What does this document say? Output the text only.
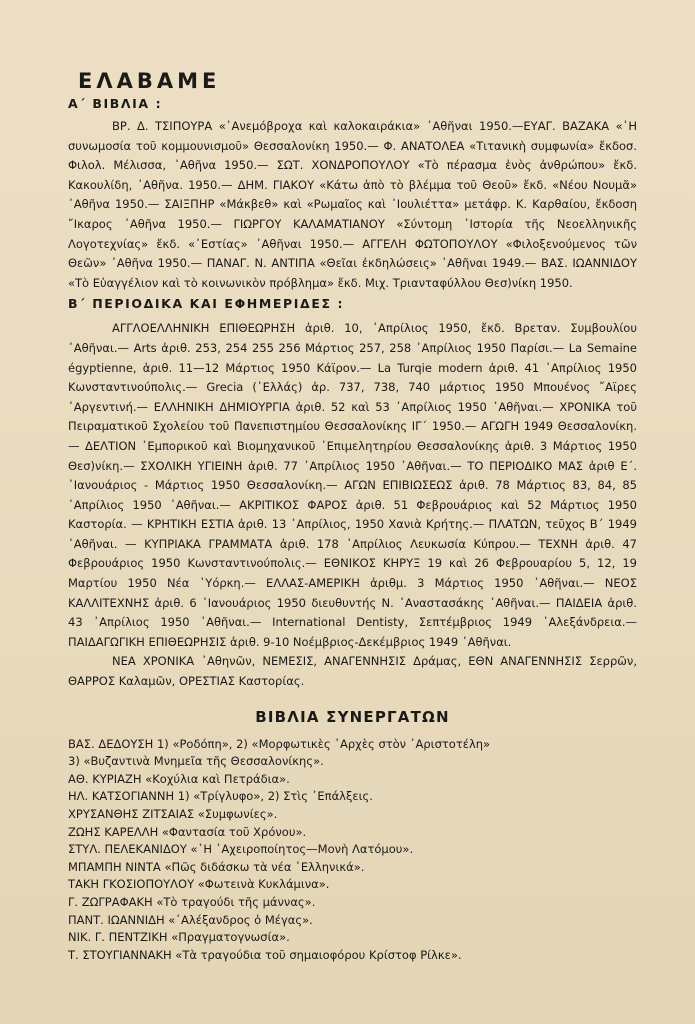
ΕΛΑΒΑΜΕ
Α΄ ΒΙΒΛΙΑ :

ΒΡ. Δ. ΤΣΙΠΟΥΡΑ «᾿Ανεμόβροχα καὶ καλοκαιράκια» ᾿Αθῆναι 1950.—ΕΥΑΓ. ΒΑΖΑΚΑ «῾Η συνωμοσία τοῦ κομμουνισμοῦ» Θεσσαλονίκη 1950.— Φ. ΑΝΑΤΟΛΕΑ «Τιτανικὴ συμφωνία» ἔκδοσ. Φιλολ. Μέλισσα, ᾿Αθῆνα 1950.— ΣΩΤ. ΧΟΝΔΡΟΠΟΥΛΟΥ «Τὸ πέρασμα ἑνὸς ἀνθρώπου» ἔκδ. Κακουλίδη, ᾿Αθῆνα. 1950.— ΔΗΜ. ΓΙΑΚΟΥ «Κάτω ἀπὸ τὸ βλέμμα τοῦ Θεοῦ» ἔκδ. «Νέου Νουμᾶ» ᾿Αθῆνα 1950.— ΣΑΙΞΠΗΡ «Μάκβεθ» καὶ «Ρωμαῖος καὶ ᾿Ιουλιέττα» μετάφρ. Κ. Καρθαίου, ἔκδοση ῎Ικαρος ᾿Αθῆνα 1950.— ΓΙΩΡΓΟΥ ΚΑΛΑΜΑΤΙΑΝΟΥ «Σύντομη ῾Ιστορία τῆς Νεοελληνικῆς Λογοτεχνίας» ἔκδ. «᾿Εστίας» ᾿Αθῆναι 1950.— ΑΓΓΕΛΗ ΦΩΤΟΠΟΥΛΟΥ «Φιλοξενούμενος τῶν Θεῶν» ᾿Αθῆνα 1950.— ΠΑΝΑΓ. Ν. ΑΝΤΙΠΑ «Θεῖαι ἐκδηλώσεις» ᾿Αθῆναι 1949.— ΒΑΣ. ΙΩΑΝΝΙΔΟΥ «Τὸ Εὐαγγέλιον καὶ τὸ κοινωνικὸν πρόβλημα» ἔκδ. Μιχ. Τριανταφύλλου Θεσ)νίκη 1950.

Β΄ ΠΕΡΙΟΔΙΚΑ ΚΑΙ ΕΦΗΜΕΡΙΔΕΣ :

ΑΓΓΛΟΕΛΛΗΝΙΚΗ ΕΠΙΘΕΩΡΗΣΗ ἀριθ. 10, ᾿Απρίλιος 1950, ἔκδ. Βρεταν. Συμβουλίου ᾿Αθῆναι.— Arts ἀριθ. 253, 254 255 256 Μάρτιος 257, 258 ᾿Απρίλιος 1950 Παρίσι.— La Semaine égyptienne, ἀριθ. 11—12 Μάρτιος 1950 Κάϊρον.— La Turqie modern ἀριθ. 41 ᾿Απρίλιος 1950 Κωνσταντινούπολις.— Grecia (῾Ελλάς) ἀρ. 737, 738, 740 μάρτιος 1950 Μπουένος ῎Αϊρες ᾿Αργεντινή.— ΕΛΛΗΝΙΚΗ ΔΗΜΙΟΥΡΓΙΑ ἀριθ. 52 καὶ 53 ᾿Απρίλιος 1950 ᾿Αθῆναι.— ΧΡΟΝΙΚΑ τοῦ Πειραματικοῦ Σχολείου τοῦ Πανεπιστημίου Θεσσαλονίκης ΙΓ΄ 1950.— ΑΓΩΓΗ 1949 Θεσσαλονίκη.— ΔΕΛΤΙΟΝ ᾿Εμπορικοῦ καὶ Βιομηχανικοῦ ᾿Επιμελητηρίου Θεσσαλονίκης ἀριθ. 3 Μάρτιος 1950 Θεσ)νίκη.— ΣΧΟΛΙΚΗ ΥΓΙΕΙΝΗ ἀριθ. 77 ᾿Απρίλιος 1950 ᾿Αθῆναι.— ΤΟ ΠΕΡΙΟΔΙΚΟ ΜΑΣ ἀριθ Ε΄. ᾿Ιανουάριος - Μάρτιος 1950 Θεσσαλονίκη.— ΑΓΩΝ ΕΠΙΒΙΩΣΕΩΣ ἀριθ. 78 Μάρτιος 83, 84, 85 ᾿Απρίλιος 1950 ᾿Αθῆναι.— ΑΚΡΙΤΙΚΟΣ ΦΑΡΟΣ ἀριθ. 51 Φεβρουάριος καὶ 52 Μάρτιος 1950 Καστορία. — ΚΡΗΤΙΚΗ ΕΣΤΙΑ ἀριθ. 13 ᾿Απρίλιος, 1950 Χανιὰ Κρήτης.— ΠΛΑΤΩΝ, τεῦχος Β΄ 1949 ᾿Αθῆναι. — ΚΥΠΡΙΑΚΑ ΓΡΑΜΜΑΤΑ ἀριθ. 178 ᾿Απρίλιος Λευκωσία Κύπρου.— ΤΕΧΝΗ ἀριθ. 47 Φεβρουάριος 1950 Κωνσταντινούπολις.— ΕΘΝΙΚΟΣ ΚΗΡΥΞ 19 καὶ 26 Φεβρουαρίου 5, 12, 19 Μαρτίου 1950 Νέα ῾Υόρκη.— ΕΛΛΑΣ-ΑΜΕΡΙΚΗ ἀριθμ. 3 Μάρτιος 1950 ᾿Αθῆναι.— ΝΕΟΣ ΚΑΛΛΙΤΕΧΝΗΣ ἀριθ. 6 ᾿Ιανουάριος 1950 διευθυντής Ν. ᾿Αναστασάκης ᾿Αθῆναι.— ΠΑΙΔΕΙΑ ἀριθ. 43 ᾿Απρίλιος 1950 ᾿Αθῆναι.— International Dentisty, Σεπτέμβριος 1949 ᾿Αλεξάνδρεια.— ΠΑΙΔΑΓΩΓΙΚΗ ΕΠΙΘΕΩΡΗΣΙΣ ἀριθ. 9-10 Νοέμβριος-Δεκέμβριος 1949 ᾿Αθῆναι.

ΝΕΑ ΧΡΟΝΙΚΑ ᾿Αθηνῶν, ΝΕΜΕΣΙΣ, ΑΝΑΓΕΝΝΗΣΙΣ Δράμας, ΕΘΝ ΑΝΑΓΕΝΝΗΣΙΣ Σερρῶν, ΘΑΡΡΟΣ Καλαμῶν, ΟΡΕΣΤΙΑΣ Καστορίας.

ΒΙΒΛΙΑ ΣΥΝΕΡΓΑΤΩΝ
ΒΑΣ. ΔΕΔΟΥΣΗ 1) «Ροδόπη», 2) «Μορφωτικὲς ᾿Αρχὲς στὸν ᾿Αριστοτέλη»
3) «Βυζαντινὰ Μνημεῖα τῆς Θεσσαλονίκης».
ΑΘ. ΚΥΡΙΑΖΗ «Κοχύλια καὶ Πετράδια».
ΗΛ. ΚΑΤΣΟΓΙΑΝΝΗ 1) «Τρίγλυφο», 2) Στὶς ᾿Επάλξεις.
ΧΡΥΣΑΝΘΗΣ ΖΙΤΣΑΙΑΣ «Συμφωνίες».
ΖΩΗΣ ΚΑΡΕΛΛΗ «Φαντασία τοῦ Χρόνου».
ΣΤΥΛ. ΠΕΛΕΚΑΝΙΔΟΥ «῾Η ᾿Αχειροποίητος—Μονὴ Λατόμου».
ΜΠΑΜΠΗ ΝΙΝΤΑ «Πῶς διδάσκω τὰ νέα ῾Ελληνικά».
ΤΑΚΗ ΓΚΟΣΙΟΠΟΥΛΟΥ «Φωτεινὰ Κυκλάμινα».
Γ. ΖΩΓΡΑΦΑΚΗ «Τὸ τραγούδι τῆς μάννας».
ΠΑΝΤ. ΙΩΑΝΝΙΔΗ «᾿Αλέξανδρος ὁ Μέγας».
ΝΙΚ. Γ. ΠΕΝΤΖΙΚΗ «Πραγματογνωσία».
Τ. ΣΤΟΥΓΙΑΝΝΑΚΗ «Τὰ τραγούδια τοῦ σημαιοφόρου Κρίστοφ Ρίλκε».
